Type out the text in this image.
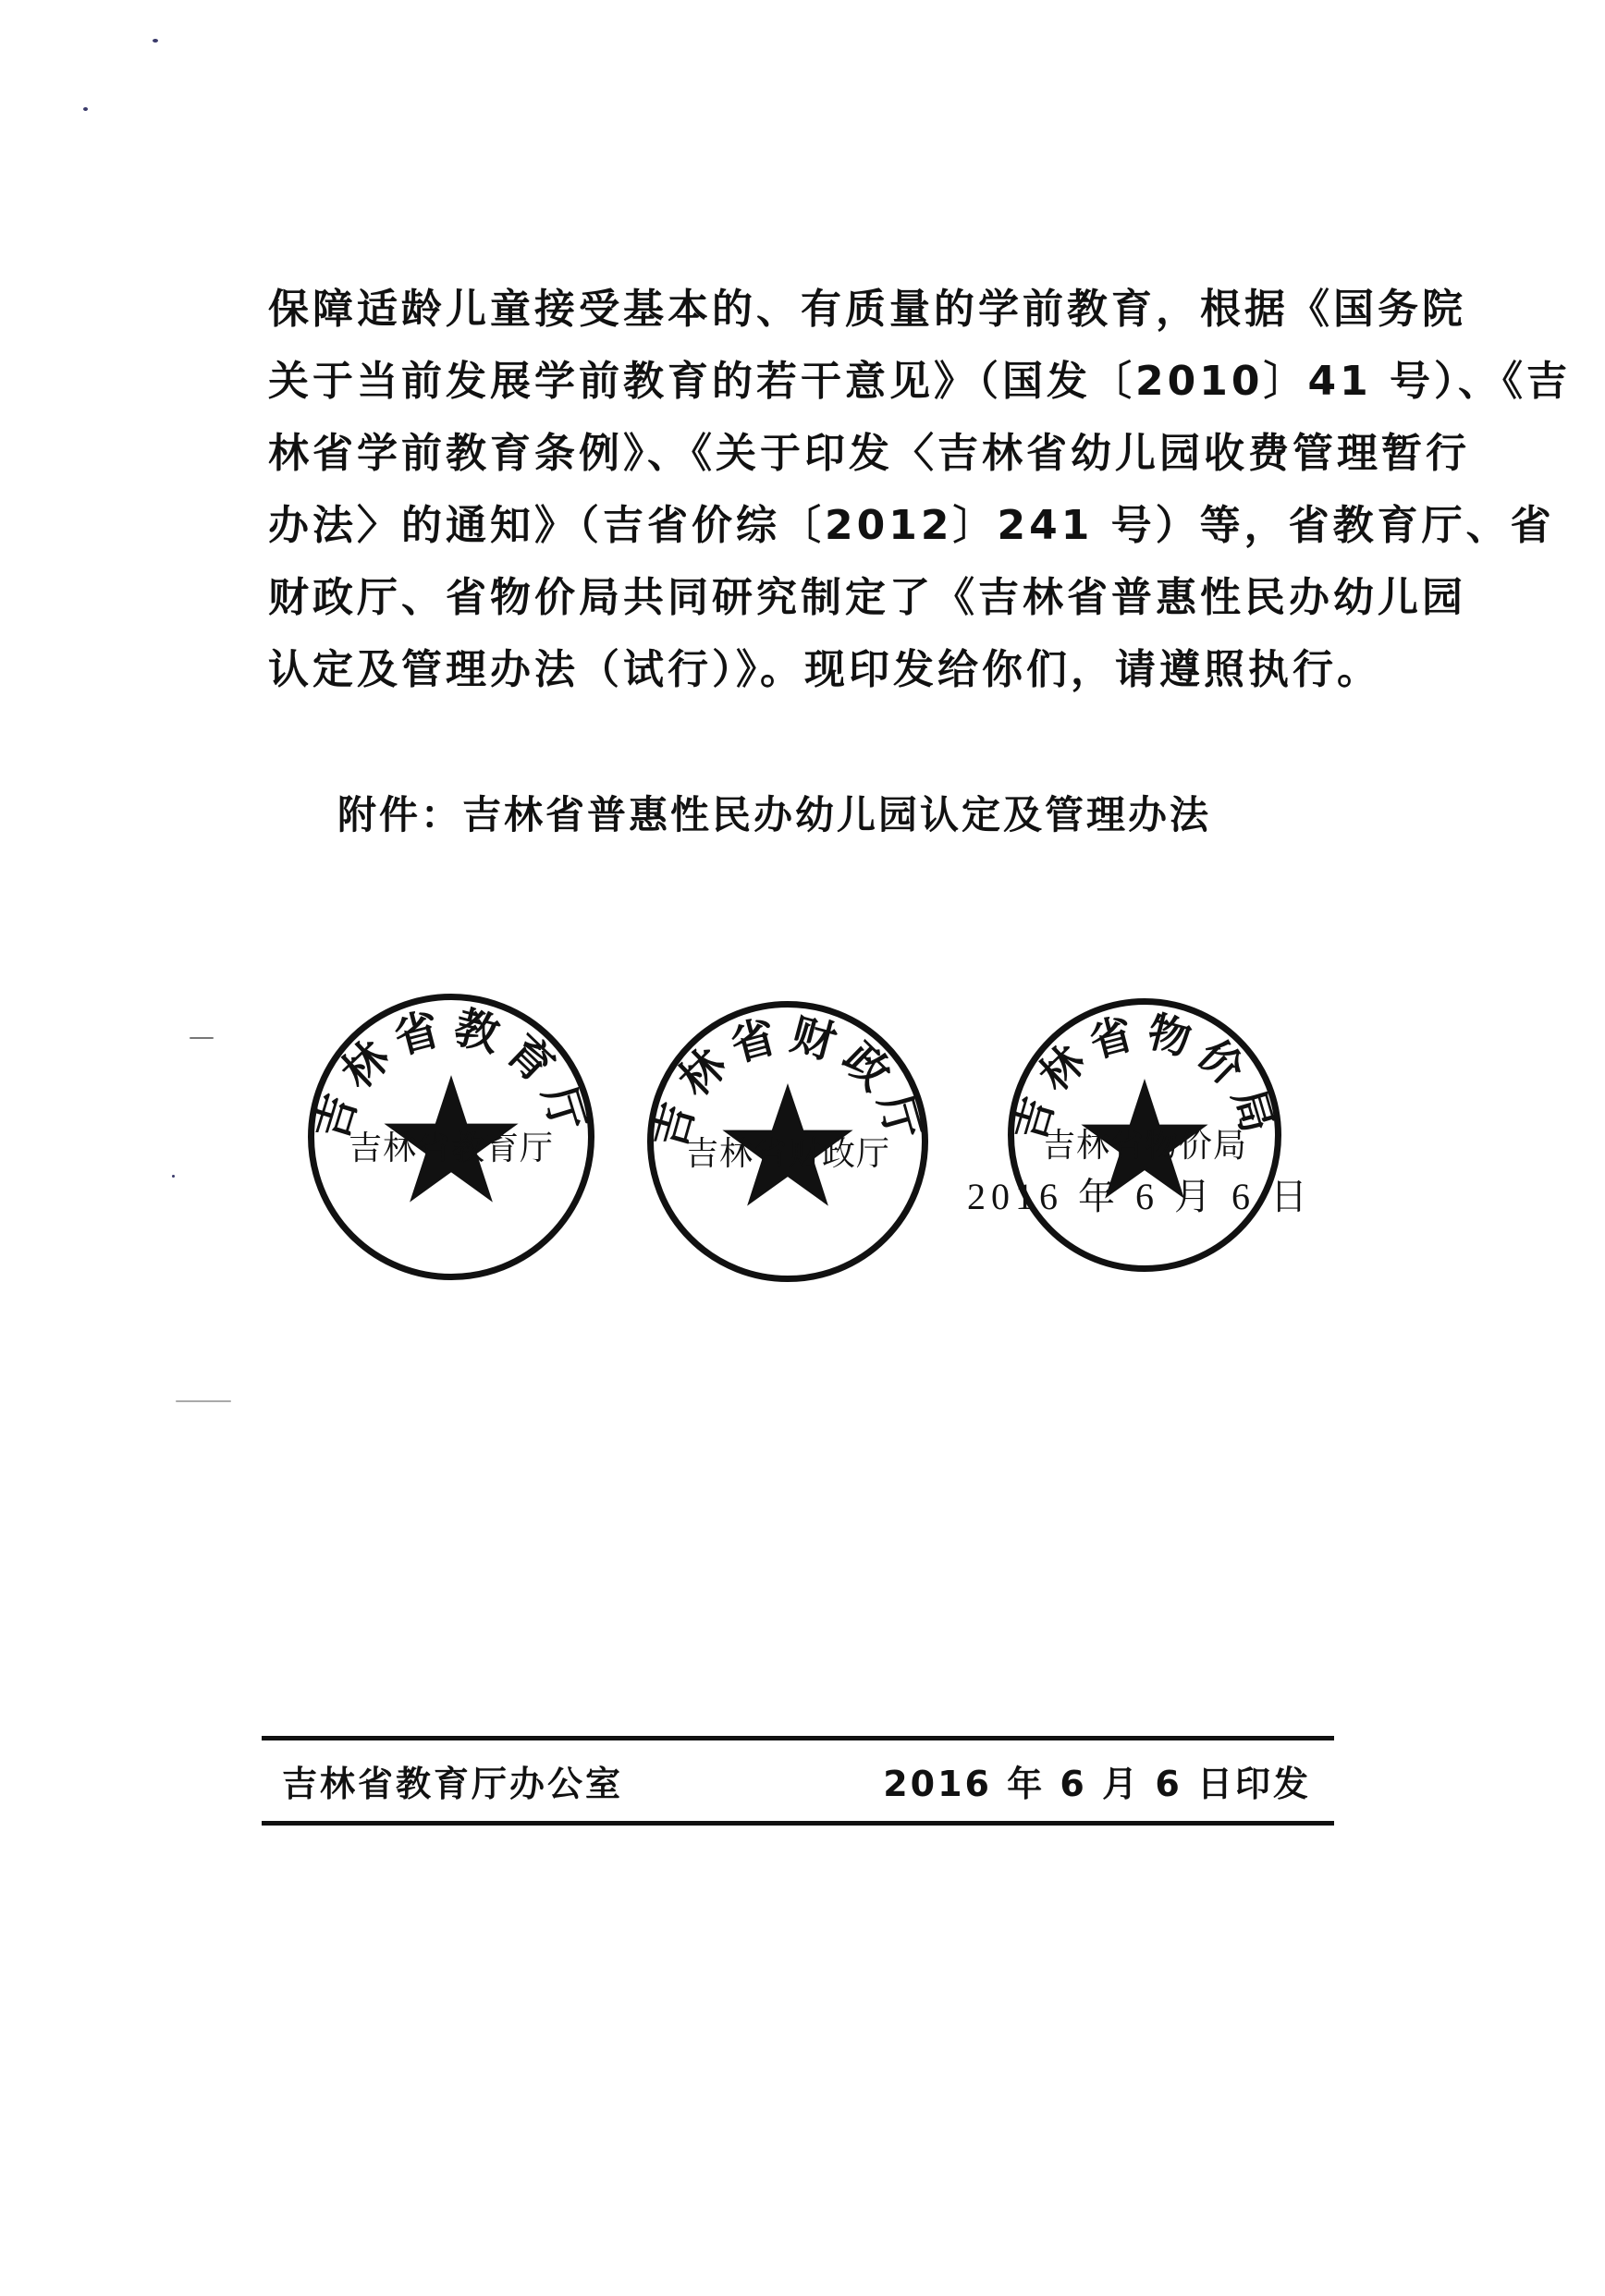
保障适龄儿童接受基本的、有质量的学前教育，根据《国务院
关于当前发展学前教育的若干意见》（国发〔2010〕41 号）、《吉
林省学前教育条例》、《关于印发〈吉林省幼儿园收费管理暂行
办法〉的通知》（吉省价综〔2012〕241 号）等，省教育厅、省
财政厅、省物价局共同研究制定了《吉林省普惠性民办幼儿园
认定及管理办法（试行）》。现印发给你们，请遵照执行。
附件：吉林省普惠性民办幼儿园认定及管理办法
吉林省教育厅
吉林省教育厅	吉林省财政厅
吉林省财政厅
吉林省物价局
吉林省物价局
2016 年 6 月 6 日
吉林省教育厅办公室	2016 年 6 月 6 日印发
